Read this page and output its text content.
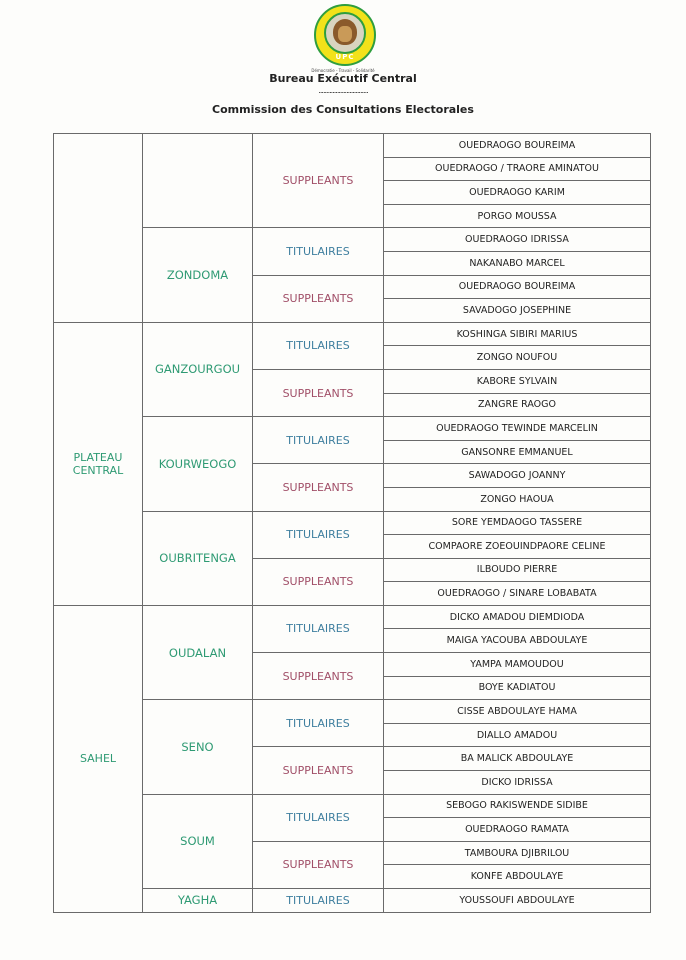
UPC
Démocratie - Travail - Solidarité
Bureau Exécutif Central
................................
Commission des Consultations Electorales
		SUPPLEANTS	OUEDRAOGO BOUREIMA
			OUEDRAOGO / TRAORE AMINATOU
			OUEDRAOGO KARIM
			PORGO MOUSSA
	ZONDOMA	TITULAIRES	OUEDRAOGO IDRISSA
			NAKANABO MARCEL
		SUPPLEANTS	OUEDRAOGO BOUREIMA
			SAVADOGO JOSEPHINE
PLATEAU CENTRAL	GANZOURGOU	TITULAIRES	KOSHINGA SIBIRI MARIUS
			ZONGO NOUFOU
		SUPPLEANTS	KABORE SYLVAIN
			ZANGRE RAOGO
	KOURWEOGO	TITULAIRES	OUEDRAOGO TEWINDE MARCELIN
			GANSONRE EMMANUEL
		SUPPLEANTS	SAWADOGO JOANNY
			ZONGO HAOUA
	OUBRITENGA	TITULAIRES	SORE YEMDAOGO TASSERE
			COMPAORE ZOEOUINDPAORE CELINE
		SUPPLEANTS	ILBOUDO PIERRE
			OUEDRAOGO / SINARE LOBABATA
SAHEL	OUDALAN	TITULAIRES	DICKO AMADOU DIEMDIODA
			MAIGA YACOUBA ABDOULAYE
		SUPPLEANTS	YAMPA MAMOUDOU
			BOYE KADIATOU
	SENO	TITULAIRES	CISSE ABDOULAYE HAMA
			DIALLO AMADOU
		SUPPLEANTS	BA MALICK ABDOULAYE
			DICKO IDRISSA
	SOUM	TITULAIRES	SEBOGO RAKISWENDE SIDIBE
			OUEDRAOGO RAMATA
		SUPPLEANTS	TAMBOURA DJIBRILOU
			KONFE ABDOULAYE
	YAGHA	TITULAIRES	YOUSSOUFI ABDOULAYE
